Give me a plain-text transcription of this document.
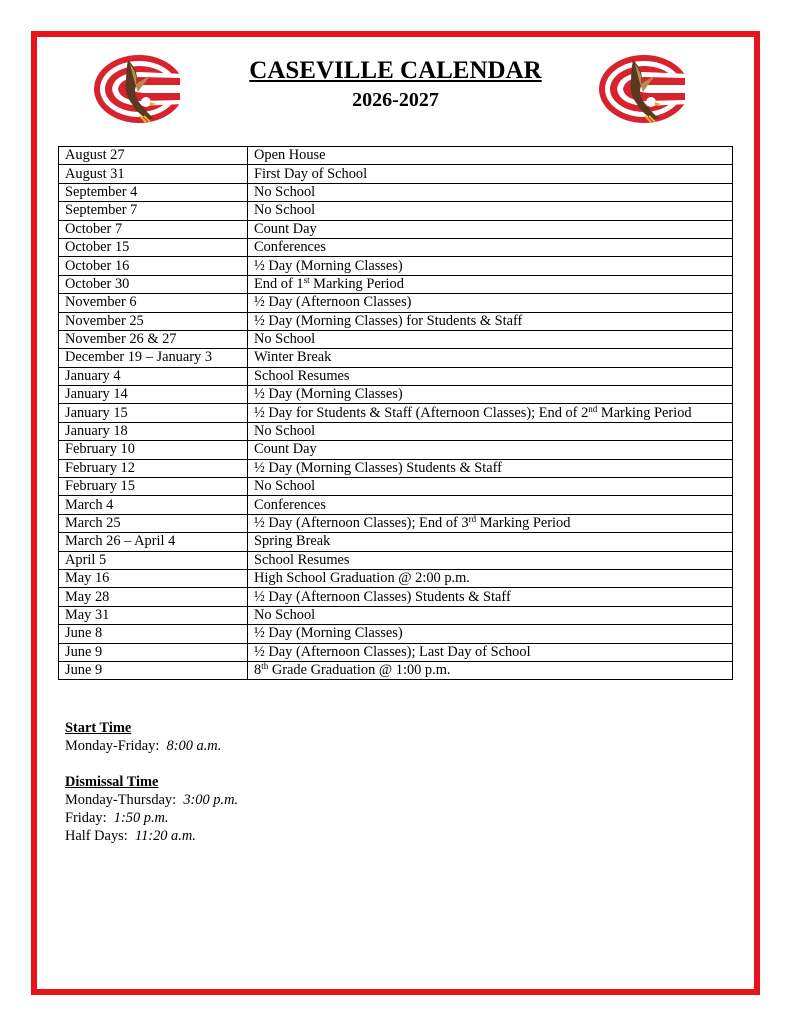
CASEVILLE CALENDAR
2026-2027
August 27	Open House
August 31	First Day of School
September 4	No School
September 7	No School
October 7	Count Day
October 15	Conferences
October 16	½ Day (Morning Classes)
October 30	End of 1st Marking Period
November 6	½ Day (Afternoon Classes)
November 25	½ Day (Morning Classes) for Students & Staff
November 26 & 27	No School
December 19 – January 3	Winter Break
January 4	School Resumes
January 14	½ Day (Morning Classes)
January 15	½ Day for Students & Staff (Afternoon Classes); End of 2nd Marking Period
January 18	No School
February 10	Count Day
February 12	½ Day (Morning Classes) Students & Staff
February 15	No School
March 4	Conferences
March 25	½ Day (Afternoon Classes); End of 3rd Marking Period
March 26 – April 4	Spring Break
April 5	School Resumes
May 16	High School Graduation @ 2:00 p.m.
May 28	½ Day (Afternoon Classes) Students & Staff
May 31	No School
June 8	½ Day (Morning Classes)
June 9	½ Day (Afternoon Classes); Last Day of School
June 9	8th Grade Graduation @ 1:00 p.m.
Start Time
Monday-Friday: 8:00 a.m.
Dismissal Time
Monday-Thursday: 3:00 p.m.
Friday: 1:50 p.m.
Half Days: 11:20 a.m.
